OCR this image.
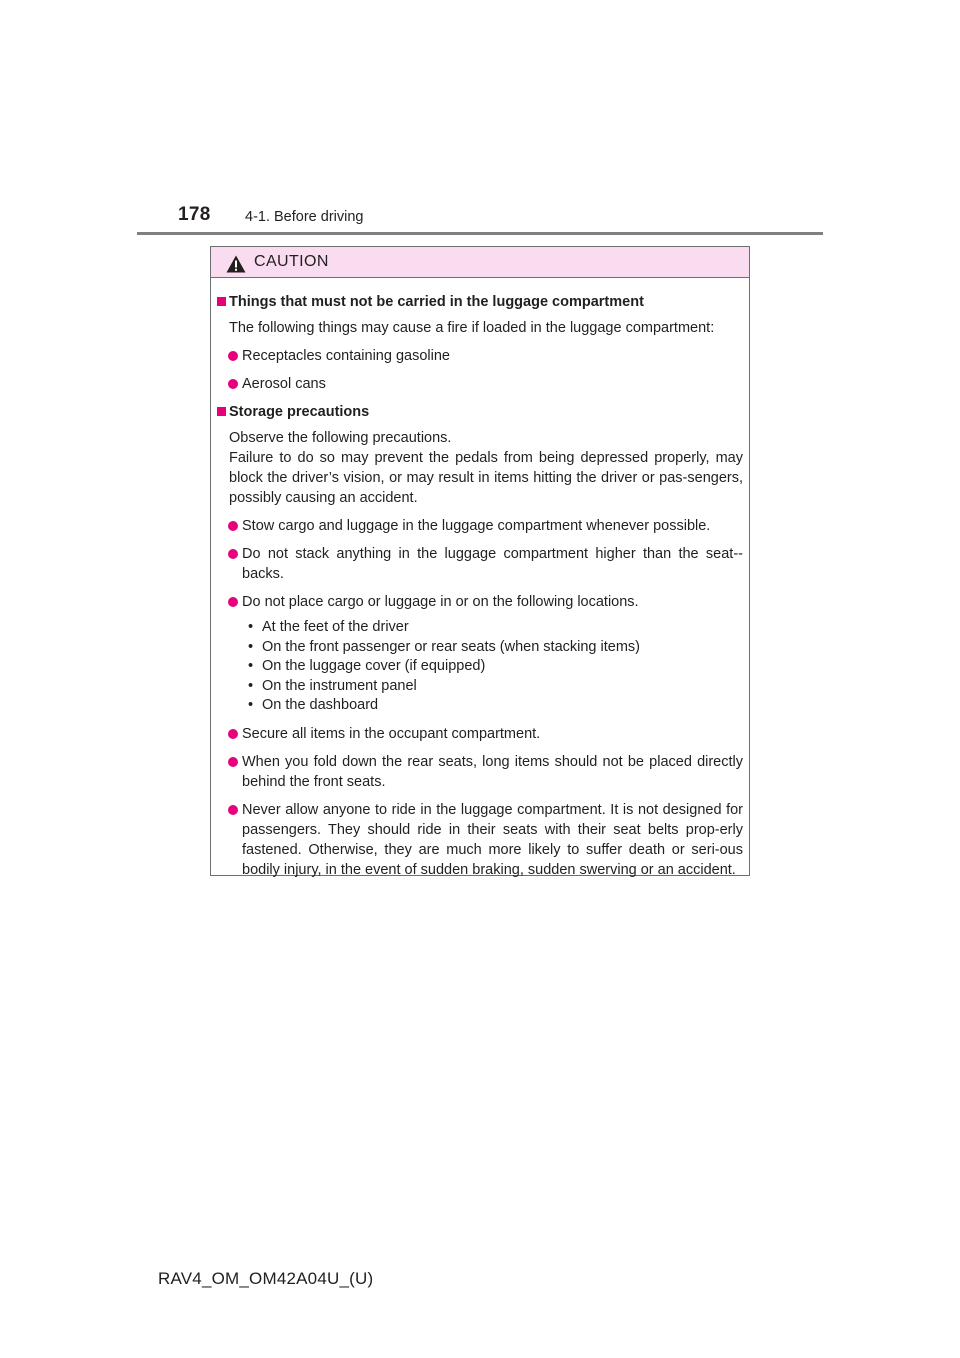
178 4-1. Before driving
CAUTION
Things that must not be carried in the luggage compartment
The following things may cause a fire if loaded in the luggage compartment:
Receptacles containing gasoline
Aerosol cans
Storage precautions
Observe the following precautions.
Failure to do so may prevent the pedals from being depressed properly, may block the driver’s vision, or may result in items hitting the driver or pas-sengers, possibly causing an accident.
Stow cargo and luggage in the luggage compartment whenever possible.
Do not stack anything in the luggage compartment higher than the seat-backs.
Do not place cargo or luggage in or on the following locations.
• At the feet of the driver
• On the front passenger or rear seats (when stacking items)
• On the luggage cover (if equipped)
• On the instrument panel
• On the dashboard
Secure all items in the occupant compartment.
When you fold down the rear seats, long items should not be placed directly behind the front seats.
Never allow anyone to ride in the luggage compartment. It is not designed for passengers. They should ride in their seats with their seat belts prop-erly fastened. Otherwise, they are much more likely to suffer death or seri-ous bodily injury, in the event of sudden braking, sudden swerving or an accident.
RAV4_OM_OM42A04U_(U)
